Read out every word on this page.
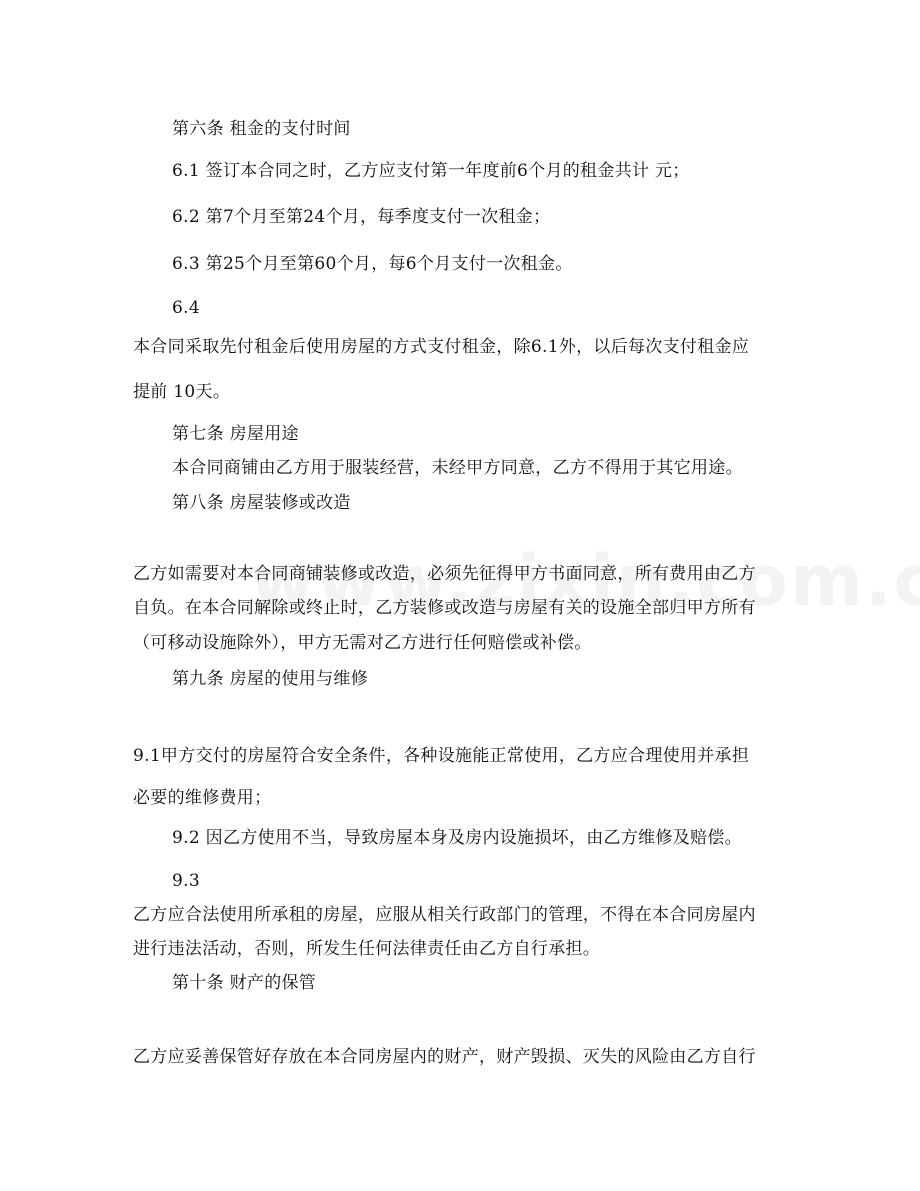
第六条 租金的支付时间
6.1 签订本合同之时，乙方应支付第一年度前6个月的租金共计 元；
6.2 第7个月至第24个月，每季度支付一次租金；
6.3 第25个月至第60个月，每6个月支付一次租金。
6.4
本合同采取先付租金后使用房屋的方式支付租金，除6.1外，以后每次支付租金应
提前 10天。
第七条 房屋用途
本合同商铺由乙方用于服装经营，未经甲方同意，乙方不得用于其它用途。
第八条 房屋装修或改造
乙方如需要对本合同商铺装修或改造，必须先征得甲方书面同意，所有费用由乙方
自负。在本合同解除或终止时，乙方装修或改造与房屋有关的设施全部归甲方所有
（可移动设施除外），甲方无需对乙方进行任何赔偿或补偿。
第九条 房屋的使用与维修
9.1甲方交付的房屋符合安全条件，各种设施能正常使用，乙方应合理使用并承担
必要的维修费用；
9.2 因乙方使用不当，导致房屋本身及房内设施损坏，由乙方维修及赔偿。
9.3
乙方应合法使用所承租的房屋，应服从相关行政部门的管理，不得在本合同房屋内
进行违法活动，否则，所发生任何法律责任由乙方自行承担。
第十条 财产的保管
乙方应妥善保管好存放在本合同房屋内的财产，财产毁损、灭失的风险由乙方自行
